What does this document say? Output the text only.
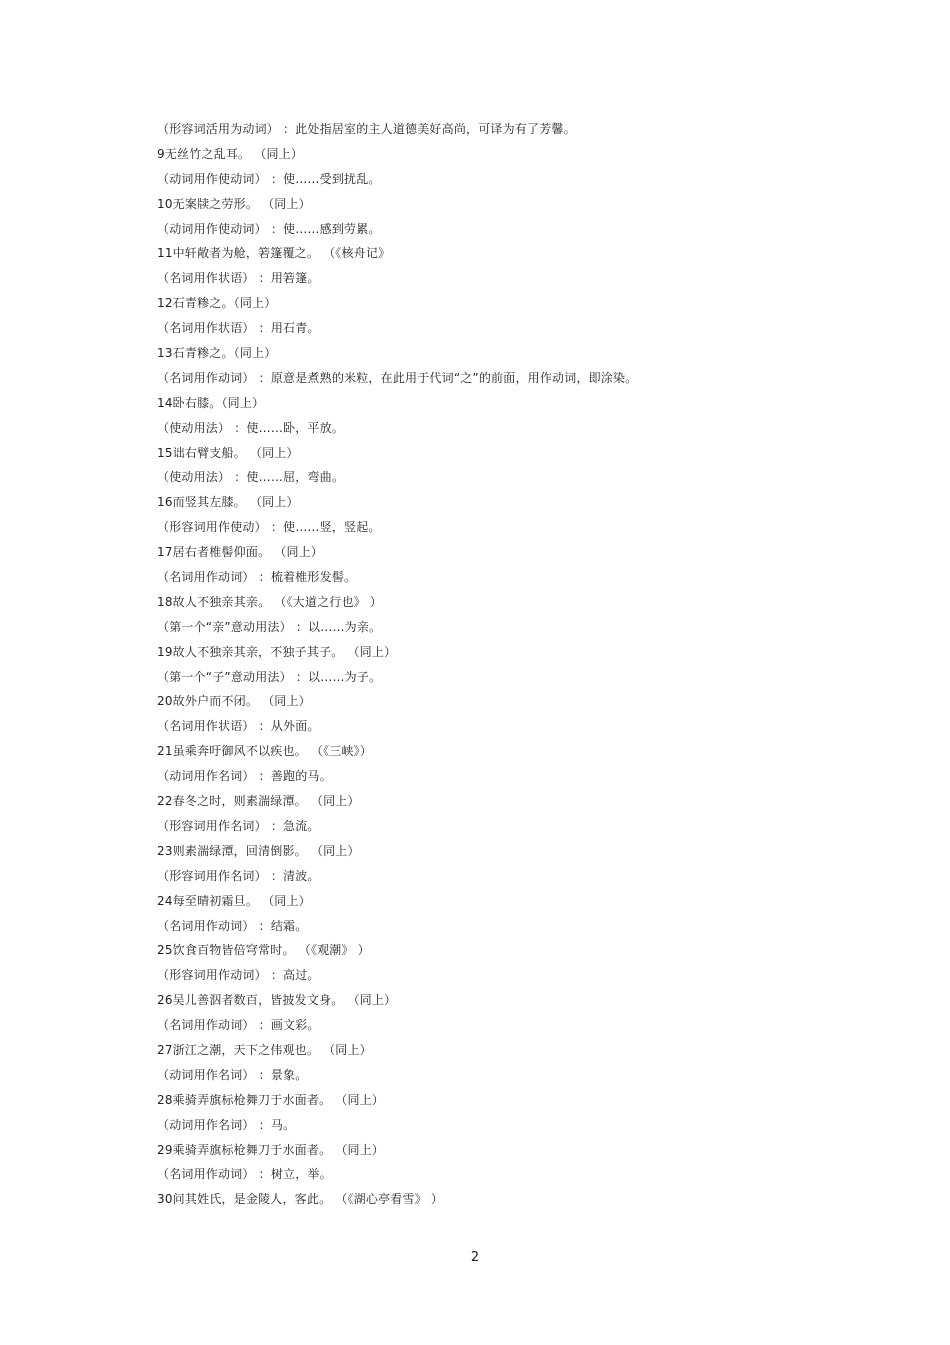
（形容词活用为动词） ：此处指居室的主人道德美好高尚，可译为有了芳馨。
9无丝竹之乱耳。 （同上）
（动词用作使动词） ：使……受到扰乱。
10无案牍之劳形。 （同上）
（动词用作使动词） ：使……感到劳累。
11中轩敞者为舱，箬篷覆之。 （《核舟记》
（名词用作状语） ：用箬篷。
12石青糁之。（同上）
（名词用作状语） ：用石青。
13石青糁之。（同上）
（名词用作动词） ：原意是煮熟的米粒，在此用于代词“之”的前面，用作动词，即涂染。
14卧右膝。（同上）
（使动用法） ：使……卧，平放。
15诎右臂支船。 （同上）
（使动用法） ：使……屈，弯曲。
16而竖其左膝。 （同上）
（形容词用作使动） ：使……竖，竖起。
17居右者椎髻仰面。 （同上）
（名词用作动词） ：梳着椎形发髻。
18故人不独亲其亲。 （《大道之行也》 ）
（第一个“亲”意动用法） ：以……为亲。
19故人不独亲其亲，不独子其子。 （同上）
（第一个“子”意动用法） ：以……为子。
20故外户而不闭。 （同上）
（名词用作状语） ：从外面。
21虽乘奔吁御风不以疾也。 （《三峡》）
（动词用作名词） ：善跑的马。
22春冬之时，则素湍绿潭。 （同上）
（形容词用作名词） ：急流。
23则素湍绿潭，回清倒影。 （同上）
（形容词用作名词） ：清波。
24每至晴初霜旦。 （同上）
（名词用作动词） ：结霜。
25饮食百物皆倍穹常时。 （《观潮》 ）
（形容词用作动词） ：高过。
26吴儿善泅者数百，皆披发文身。 （同上）
（名词用作动词） ：画文彩。
27浙江之潮，天下之伟观也。 （同上）
（动词用作名词） ：景象。
28乘骑弄旗标枪舞刀于水面者。 （同上）
（动词用作名词） ：马。
29乘骑弄旗标枪舞刀于水面者。 （同上）
（名词用作动词） ：树立，举。
30问其姓氏，是金陵人，客此。 （《湖心亭看雪》 ）
2
